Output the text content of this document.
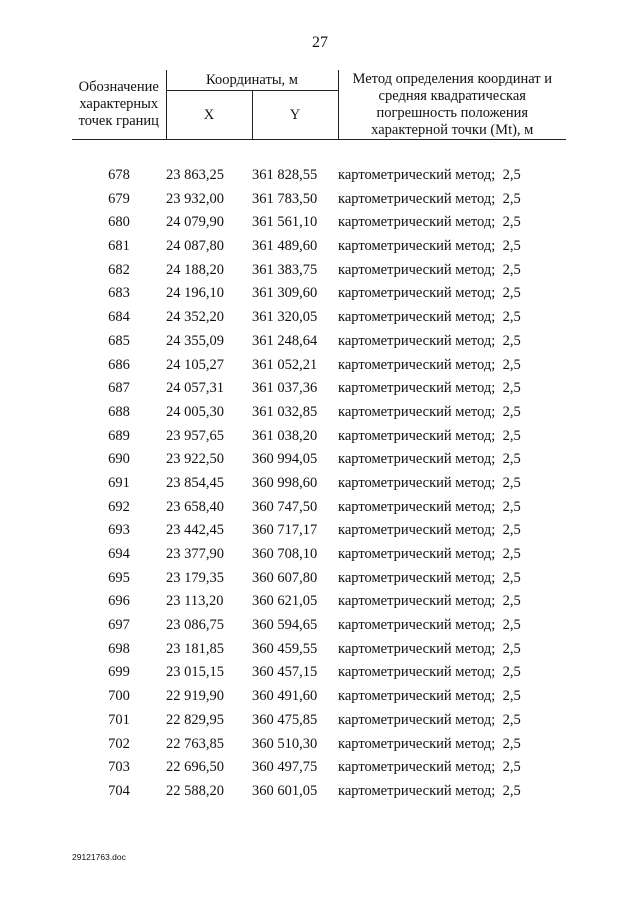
27
Обозначение характерных точек границ	Координаты, м		Метод определения координат и средняя квадратическая погрешность положения характерной точки (Mt), м
	X	Y	

678	23 863,25	361 828,55	картометрический метод; 2,5
679	23 932,00	361 783,50	картометрический метод; 2,5
680	24 079,90	361 561,10	картометрический метод; 2,5
681	24 087,80	361 489,60	картометрический метод; 2,5
682	24 188,20	361 383,75	картометрический метод; 2,5
683	24 196,10	361 309,60	картометрический метод; 2,5
684	24 352,20	361 320,05	картометрический метод; 2,5
685	24 355,09	361 248,64	картометрический метод; 2,5
686	24 105,27	361 052,21	картометрический метод; 2,5
687	24 057,31	361 037,36	картометрический метод; 2,5
688	24 005,30	361 032,85	картометрический метод; 2,5
689	23 957,65	361 038,20	картометрический метод; 2,5
690	23 922,50	360 994,05	картометрический метод; 2,5
691	23 854,45	360 998,60	картометрический метод; 2,5
692	23 658,40	360 747,50	картометрический метод; 2,5
693	23 442,45	360 717,17	картометрический метод; 2,5
694	23 377,90	360 708,10	картометрический метод; 2,5
695	23 179,35	360 607,80	картометрический метод; 2,5
696	23 113,20	360 621,05	картометрический метод; 2,5
697	23 086,75	360 594,65	картометрический метод; 2,5
698	23 181,85	360 459,55	картометрический метод; 2,5
699	23 015,15	360 457,15	картометрический метод; 2,5
700	22 919,90	360 491,60	картометрический метод; 2,5
701	22 829,95	360 475,85	картометрический метод; 2,5
702	22 763,85	360 510,30	картометрический метод; 2,5
703	22 696,50	360 497,75	картометрический метод; 2,5
704	22 588,20	360 601,05	картометрический метод; 2,5
29121763.doc
